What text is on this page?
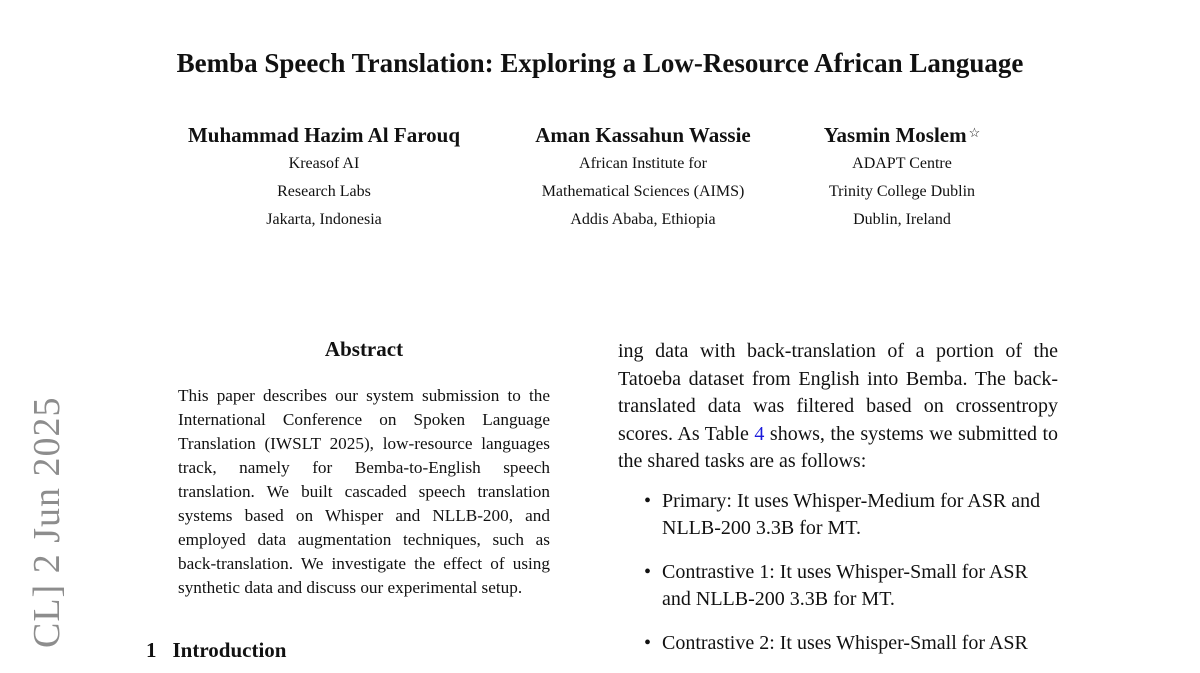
CL] 2 Jun 2025
Bemba Speech Translation: Exploring a Low-Resource African Language
Muhammad Hazim Al Farouq
Kreasof AI
Research Labs
Jakarta, Indonesia
Aman Kassahun Wassie
African Institute for
Mathematical Sciences (AIMS)
Addis Ababa, Ethiopia
Yasmin Moslem ☆
ADAPT Centre
Trinity College Dublin
Dublin, Ireland
Abstract

This paper describes our system submission to the International Conference on Spoken Language Translation (IWSLT 2025), low-resource languages track, namely for Bemba-to-English speech translation. We built cascaded speech translation systems based on Whisper and NLLB-200, and employed data augmentation techniques, such as back-translation. We investigate the effect of using synthetic data and discuss our experimental setup.

1 Introduction

ing data with back-translation of a portion of the Tatoeba dataset from English into Bemba. The back-translated data was filtered based on crossentropy scores. As Table 4 shows, the systems we submitted to the shared tasks are as follows:

• Primary: It uses Whisper-Medium for ASR and NLLB-200 3.3B for MT.
• Contrastive 1: It uses Whisper-Small for ASR and NLLB-200 3.3B for MT.
• Contrastive 2: It uses Whisper-Small for ASR
